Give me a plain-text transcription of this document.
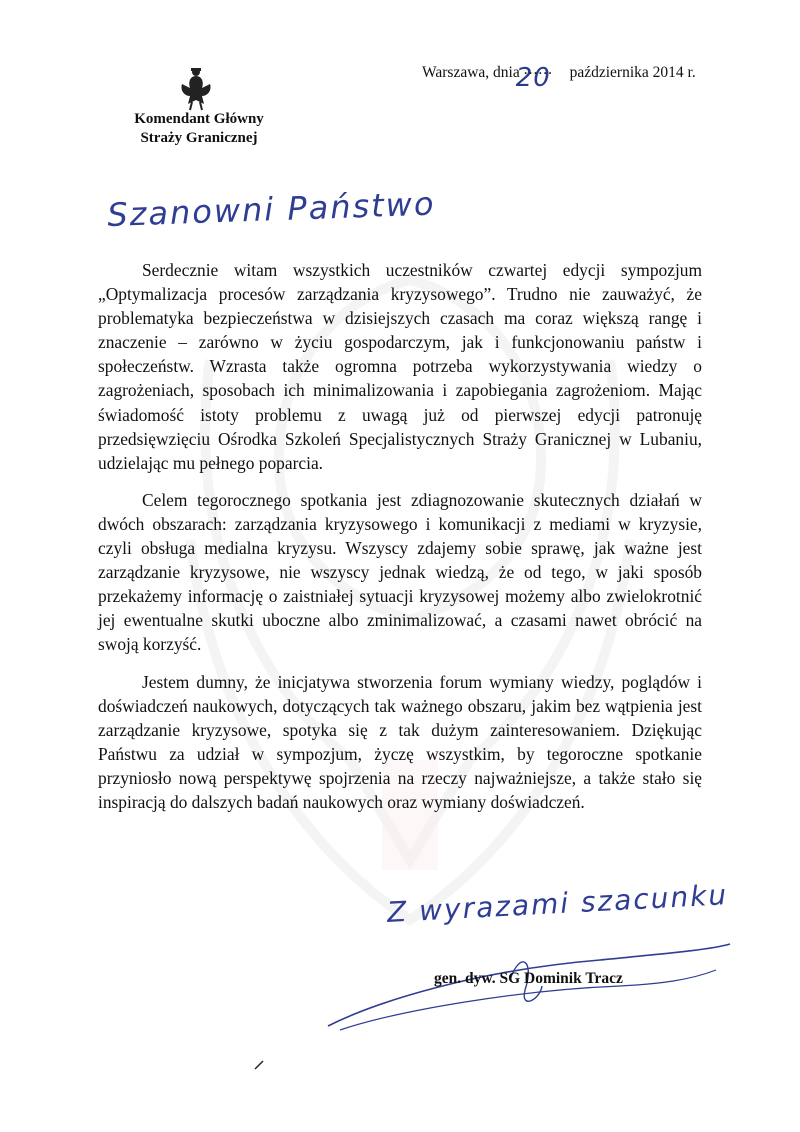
Komendant Główny
Straży Granicznej
Warszawa, dnia
20 października 2014 r.
Szanowni Państwo

Serdecznie witam wszystkich uczestników czwartej edycji sympozjum „Optymalizacja procesów zarządzania kryzysowego”. Trudno nie zauważyć, że problematyka bezpieczeństwa w dzisiejszych czasach ma coraz większą rangę i znaczenie – zarówno w życiu gospodarczym, jak i funkcjonowaniu państw i społeczeństw. Wzrasta także ogromna potrzeba wykorzystywania wiedzy o zagrożeniach, sposobach ich minimalizowania i zapobiegania zagrożeniom. Mając świadomość istoty problemu z uwagą już od pierwszej edycji patronuję przedsięwzięciu Ośrodka Szkoleń Specjalistycznych Straży Granicznej w Lubaniu, udzielając mu pełnego poparcia.

Celem tegorocznego spotkania jest zdiagnozowanie skutecznych działań w dwóch obszarach: zarządzania kryzysowego i komunikacji z mediami w kryzysie, czyli obsługa medialna kryzysu. Wszyscy zdajemy sobie sprawę, jak ważne jest zarządzanie kryzysowe, nie wszyscy jednak wiedzą, że od tego, w jaki sposób przekażemy informację o zaistniałej sytuacji kryzysowej możemy albo zwielokrotnić jej ewentualne skutki uboczne albo zminimalizować, a czasami nawet obrócić na swoją korzyść.

Jestem dumny, że inicjatywa stworzenia forum wymiany wiedzy, poglądów i doświadczeń naukowych, dotyczących tak ważnego obszaru, jakim bez wątpienia jest zarządzanie kryzysowe, spotyka się z tak dużym zainteresowaniem. Dziękując Państwu za udział w sympozjum, życzę wszystkim, by tegoroczne spotkanie przyniosło nową perspektywę spojrzenia na rzeczy najważniejsze, a także stało się inspiracją do dalszych badań naukowych oraz wymiany doświadczeń.

Z wyrazami szacunku
gen. dyw. SG Dominik Tracz
